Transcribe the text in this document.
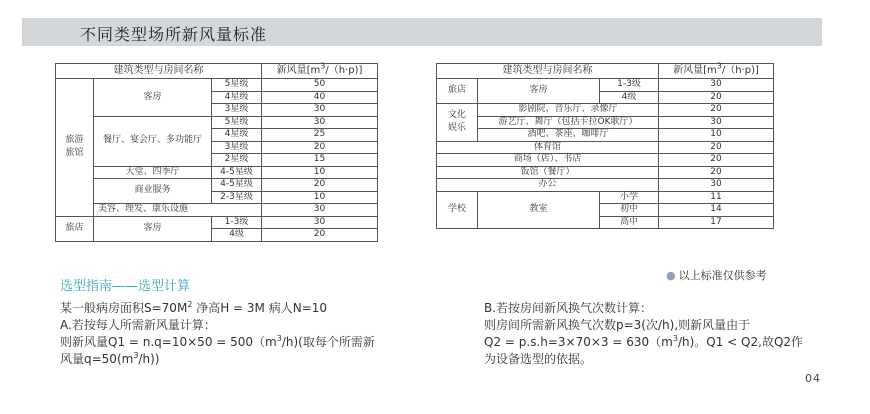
不同类型场所新风量标准
建筑类型与房间名称			新风量$[m^3/(h\cdot p)]$
旅游
旅馆	客房	5星级	50
		4星级	40
		3星级	30
	餐厅、宴会厅、多功能厅	5星级	30
		4星级	25
		3星级	20
		2星级	15
	大堂、四季厅	4-5星级	10
	商业服务	4-5星级	20
		2-3星级	10
	美容、理发、康乐设施		30
旅店	客房	1-3级	30
		4级	20
建筑类型与房间名称			新风量$[m^3/(h\cdot p)]$
旅店	客房	1-3级	30
		4级	20
文化
娱乐	影剧院、音乐厅、录像厅		20
	游艺厅、舞厅（包括卡拉OK歌厅）		30
	酒吧、茶座、咖啡厅		10
体育馆			20
商场（店）、书店			20
饭馆（餐厅）			20
办公			30
学校	教室	小学	11
		初中	14
		高中	17
选型指南——选型计算
● 以上标准仅供参考
某一般病房面积$S=70M^2$ 净高H = 3M 病人N=10
A.若按每人所需新风量计算：
则新风量$Q1 = n.q=10\times 50 = 500(m^3/h)$(取每个所需新
风量$q=50(m^3/h)$)
B.若按房间新风换气次数计算：
则房间所需新风换气次数p=3(次/h),则新风量由于
$Q2 = p.s.h=3\times 70\times 3 = 630(m^3/h)$。Q1 < Q2,故Q2作
为设备选型的依据。
04
